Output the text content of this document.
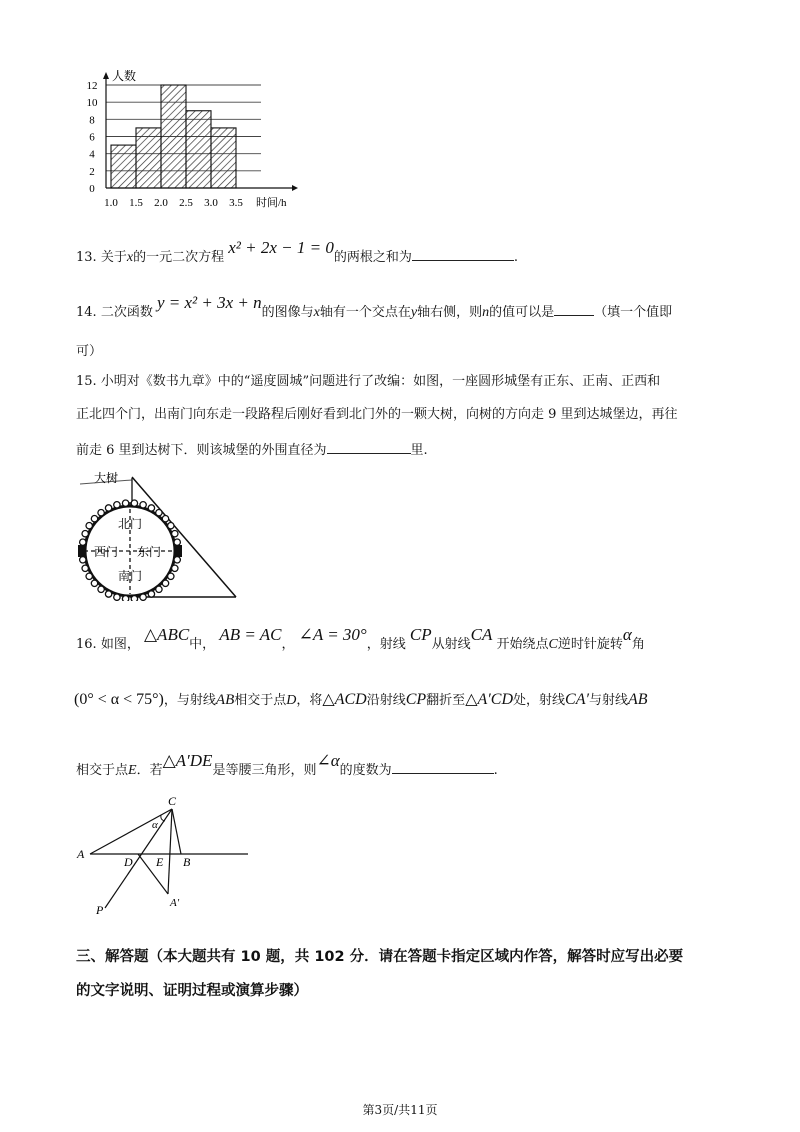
0
2
4
6
8
10
12
1.0 1.5 2.0 2.5 3.0 3.5
人数
时间/h
13. 关于x的一元二次方程 x² + 2x − 1 = 0的两根之和为	.
14. 二次函数 y = x² + 3x + n的图像与x轴有一个交点在y轴右侧，则n的值可以是	（填一个值即
可）
15. 小明对《数书九章》中的“遥度圆城”问题进行了改编：如图，一座圆形城堡有正东、正南、正西和
正北四个门，出南门向东走一段路程后刚好看到北门外的一颗大树，向树的方向走 9 里到达城堡边，再往
前走 6 里到达树下．则该城堡的外围直径为	里.
大树
北门
西门 东门
南门
16. 如图， △ABC中， AB = AC， ∠A = 30°，射线 CP从射线CA 开始绕点C逆时针旋转α角
(0° < α < 75°)，与射线AB相交于点D，将△ACD沿射线CP翻折至△A′CD处，射线CA′与射线AB
相交于点E．若△A′DE是等腰三角形，则∠α的度数为	.
A
B
C
D E
P	A′
α
三、解答题（本大题共有 10 题，共 102 分．请在答题卡指定区域内作答，解答时应写出必要
的文字说明、证明过程或演算步骤）
第3页/共11页
